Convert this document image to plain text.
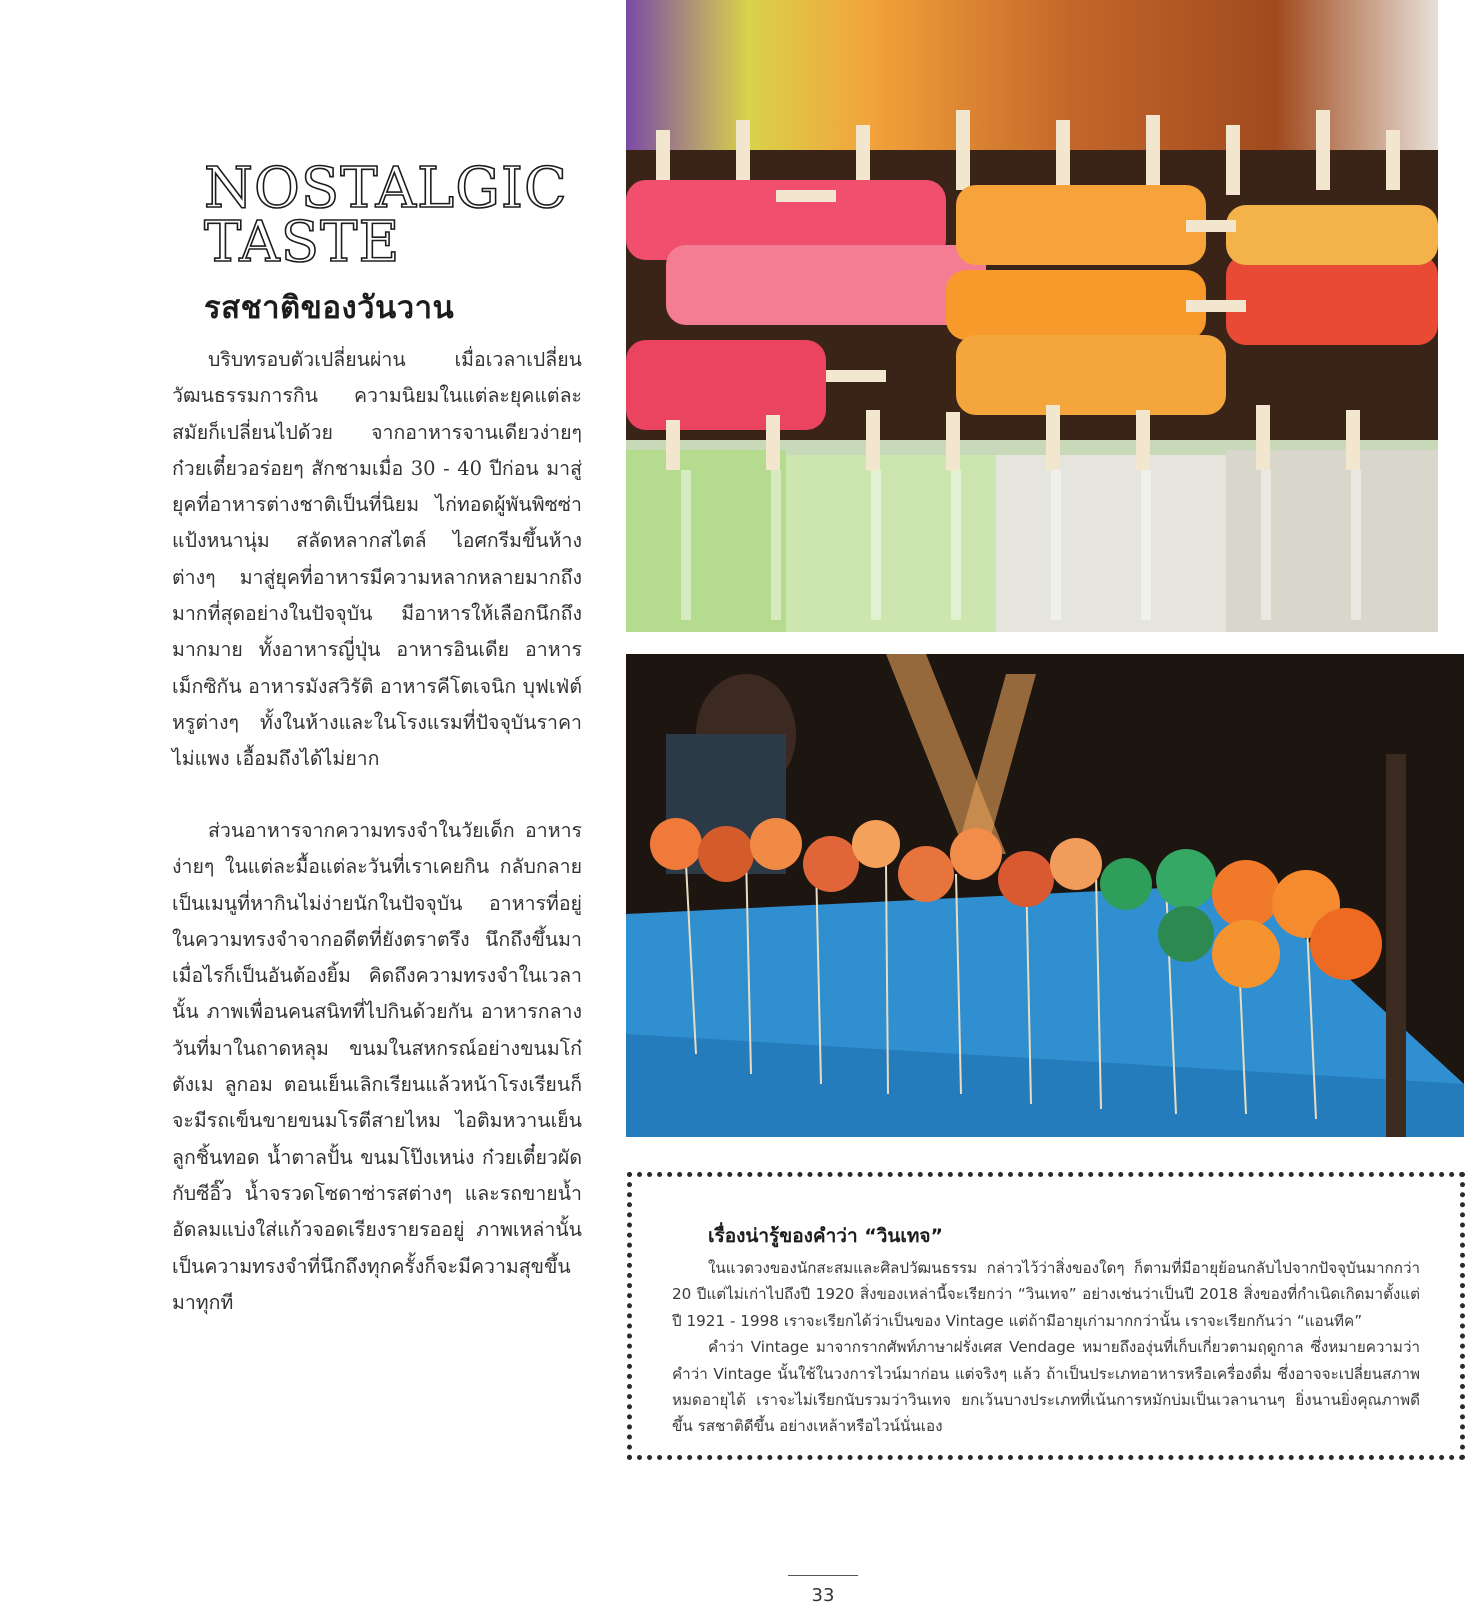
NOSTALGIC
TASTE
รสชาติของวันวาน

บริบทรอบตัวเปลี่ยนผ่าน เมื่อเวลาเปลี่ยนวัฒนธรรมการกิน ความนิยมในแต่ละยุคแต่ละสมัยก็เปลี่ยนไปด้วย จากอาหารจานเดียวง่ายๆ ก๋วยเตี๋ยวอร่อยๆ สักชามเมื่อ 30 - 40 ปีก่อน มาสู่ยุคที่อาหารต่างชาติเป็นที่นิยม ไก่ทอดผู้พันพิซซ่าแป้งหนานุ่ม สลัดหลากสไตล์ ไอศกรีมขึ้นห้างต่างๆ มาสู่ยุคที่อาหารมีความหลากหลายมากถึงมากที่สุดอย่างในปัจจุบัน มีอาหารให้เลือกนึกถึงมากมาย ทั้งอาหารญี่ปุ่น อาหารอินเดีย อาหารเม็กซิกัน อาหารมังสวิรัติ อาหารคีโตเจนิก บุฟเฟ่ต์หรูต่างๆ ทั้งในห้างและในโรงแรมที่ปัจจุบันราคาไม่แพง เอื้อมถึงได้ไม่ยาก

ส่วนอาหารจากความทรงจำในวัยเด็ก อาหารง่ายๆ ในแต่ละมื้อแต่ละวันที่เราเคยกิน กลับกลายเป็นเมนูที่หากินไม่ง่ายนักในปัจจุบัน อาหารที่อยู่ในความทรงจำจากอดีตที่ยังตราตรึง นึกถึงขึ้นมาเมื่อไรก็เป็นอันต้องยิ้ม คิดถึงความทรงจำในเวลานั้น ภาพเพื่อนคนสนิทที่ไปกินด้วยกัน อาหารกลางวันที่มาในถาดหลุม ขนมในสหกรณ์อย่างขนมโก๋ ตังเม ลูกอม ตอนเย็นเลิกเรียนแล้วหน้าโรงเรียนก็จะมีรถเข็นขายขนมโรตีสายไหม ไอติมหวานเย็น ลูกชิ้นทอด น้ำตาลปั้น ขนมโป๊งเหน่ง ก๋วยเตี๋ยวผัดกับซีอิ๊ว น้ำจรวดโซดาซ่ารสต่างๆ และรถขายน้ำอัดลมแบ่งใส่แก้วจอดเรียงรายรออยู่ ภาพเหล่านั้นเป็นความทรงจำที่นึกถึงทุกครั้งก็จะมีความสุขขึ้นมาทุกที

เรื่องน่ารู้ของคำว่า “วินเทจ”

ในแวดวงของนักสะสมและศิลปวัฒนธรรม กล่าวไว้ว่าสิ่งของใดๆ ก็ตามที่มีอายุย้อนกลับไปจากปัจจุบันมากกว่า 20 ปีแต่ไม่เก่าไปถึงปี 1920 สิ่งของเหล่านี้จะเรียกว่า “วินเทจ” อย่างเช่นว่าเป็นปี 2018 สิ่งของที่กำเนิดเกิดมาตั้งแต่ปี 1921 - 1998 เราจะเรียกได้ว่าเป็นของ Vintage แต่ถ้ามีอายุเก่ามากกว่านั้น เราจะเรียกกันว่า “แอนทีค”

คำว่า Vintage มาจากรากศัพท์ภาษาฝรั่งเศส Vendage หมายถึงองุ่นที่เก็บเกี่ยวตามฤดูกาล ซึ่งหมายความว่าคำว่า Vintage นั้นใช้ในวงการไวน์มาก่อน แต่จริงๆ แล้ว ถ้าเป็นประเภทอาหารหรือเครื่องดื่ม ซึ่งอาจจะเปลี่ยนสภาพหมดอายุได้ เราจะไม่เรียกนับรวมว่าวินเทจ ยกเว้นบางประเภทที่เน้นการหมักบ่มเป็นเวลานานๆ ยิ่งนานยิ่งคุณภาพดีขึ้น รสชาติดีขึ้น อย่างเหล้าหรือไวน์นั่นเอง

33
